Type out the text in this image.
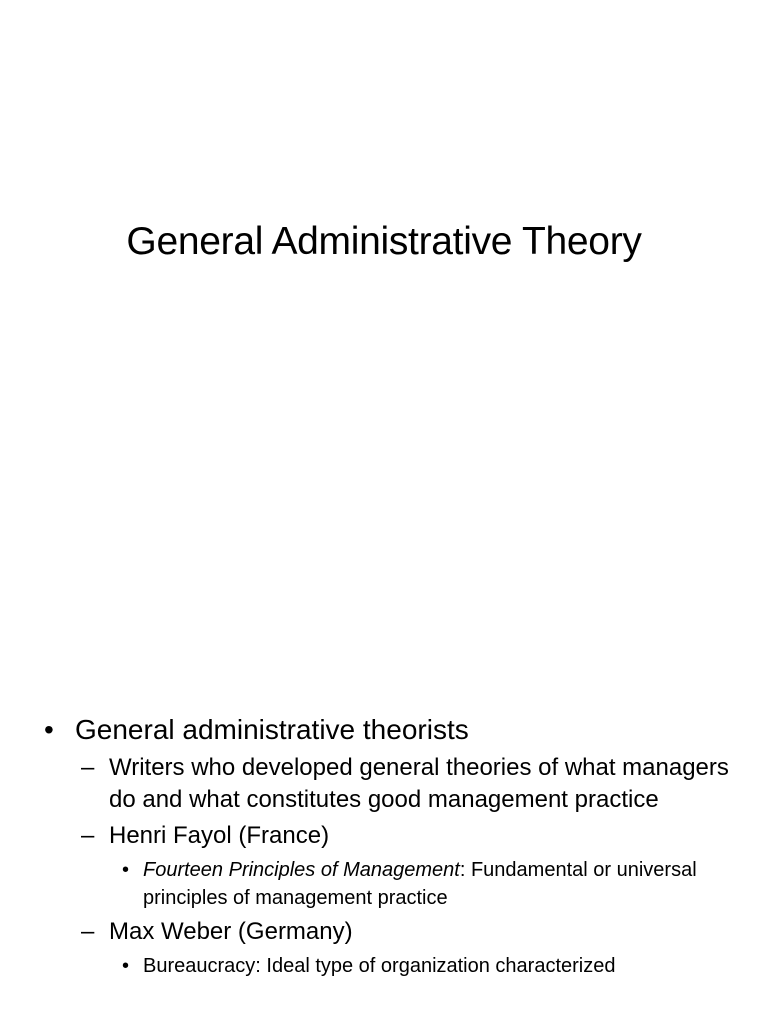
General Administrative Theory
• General administrative theorists
– Writers who developed general theories of what managers do and what constitutes good management practice
– Henri Fayol (France)
• Fourteen Principles of Management: Fundamental or universal principles of management practice
– Max Weber (Germany)
• Bureaucracy: Ideal type of organization characterized
